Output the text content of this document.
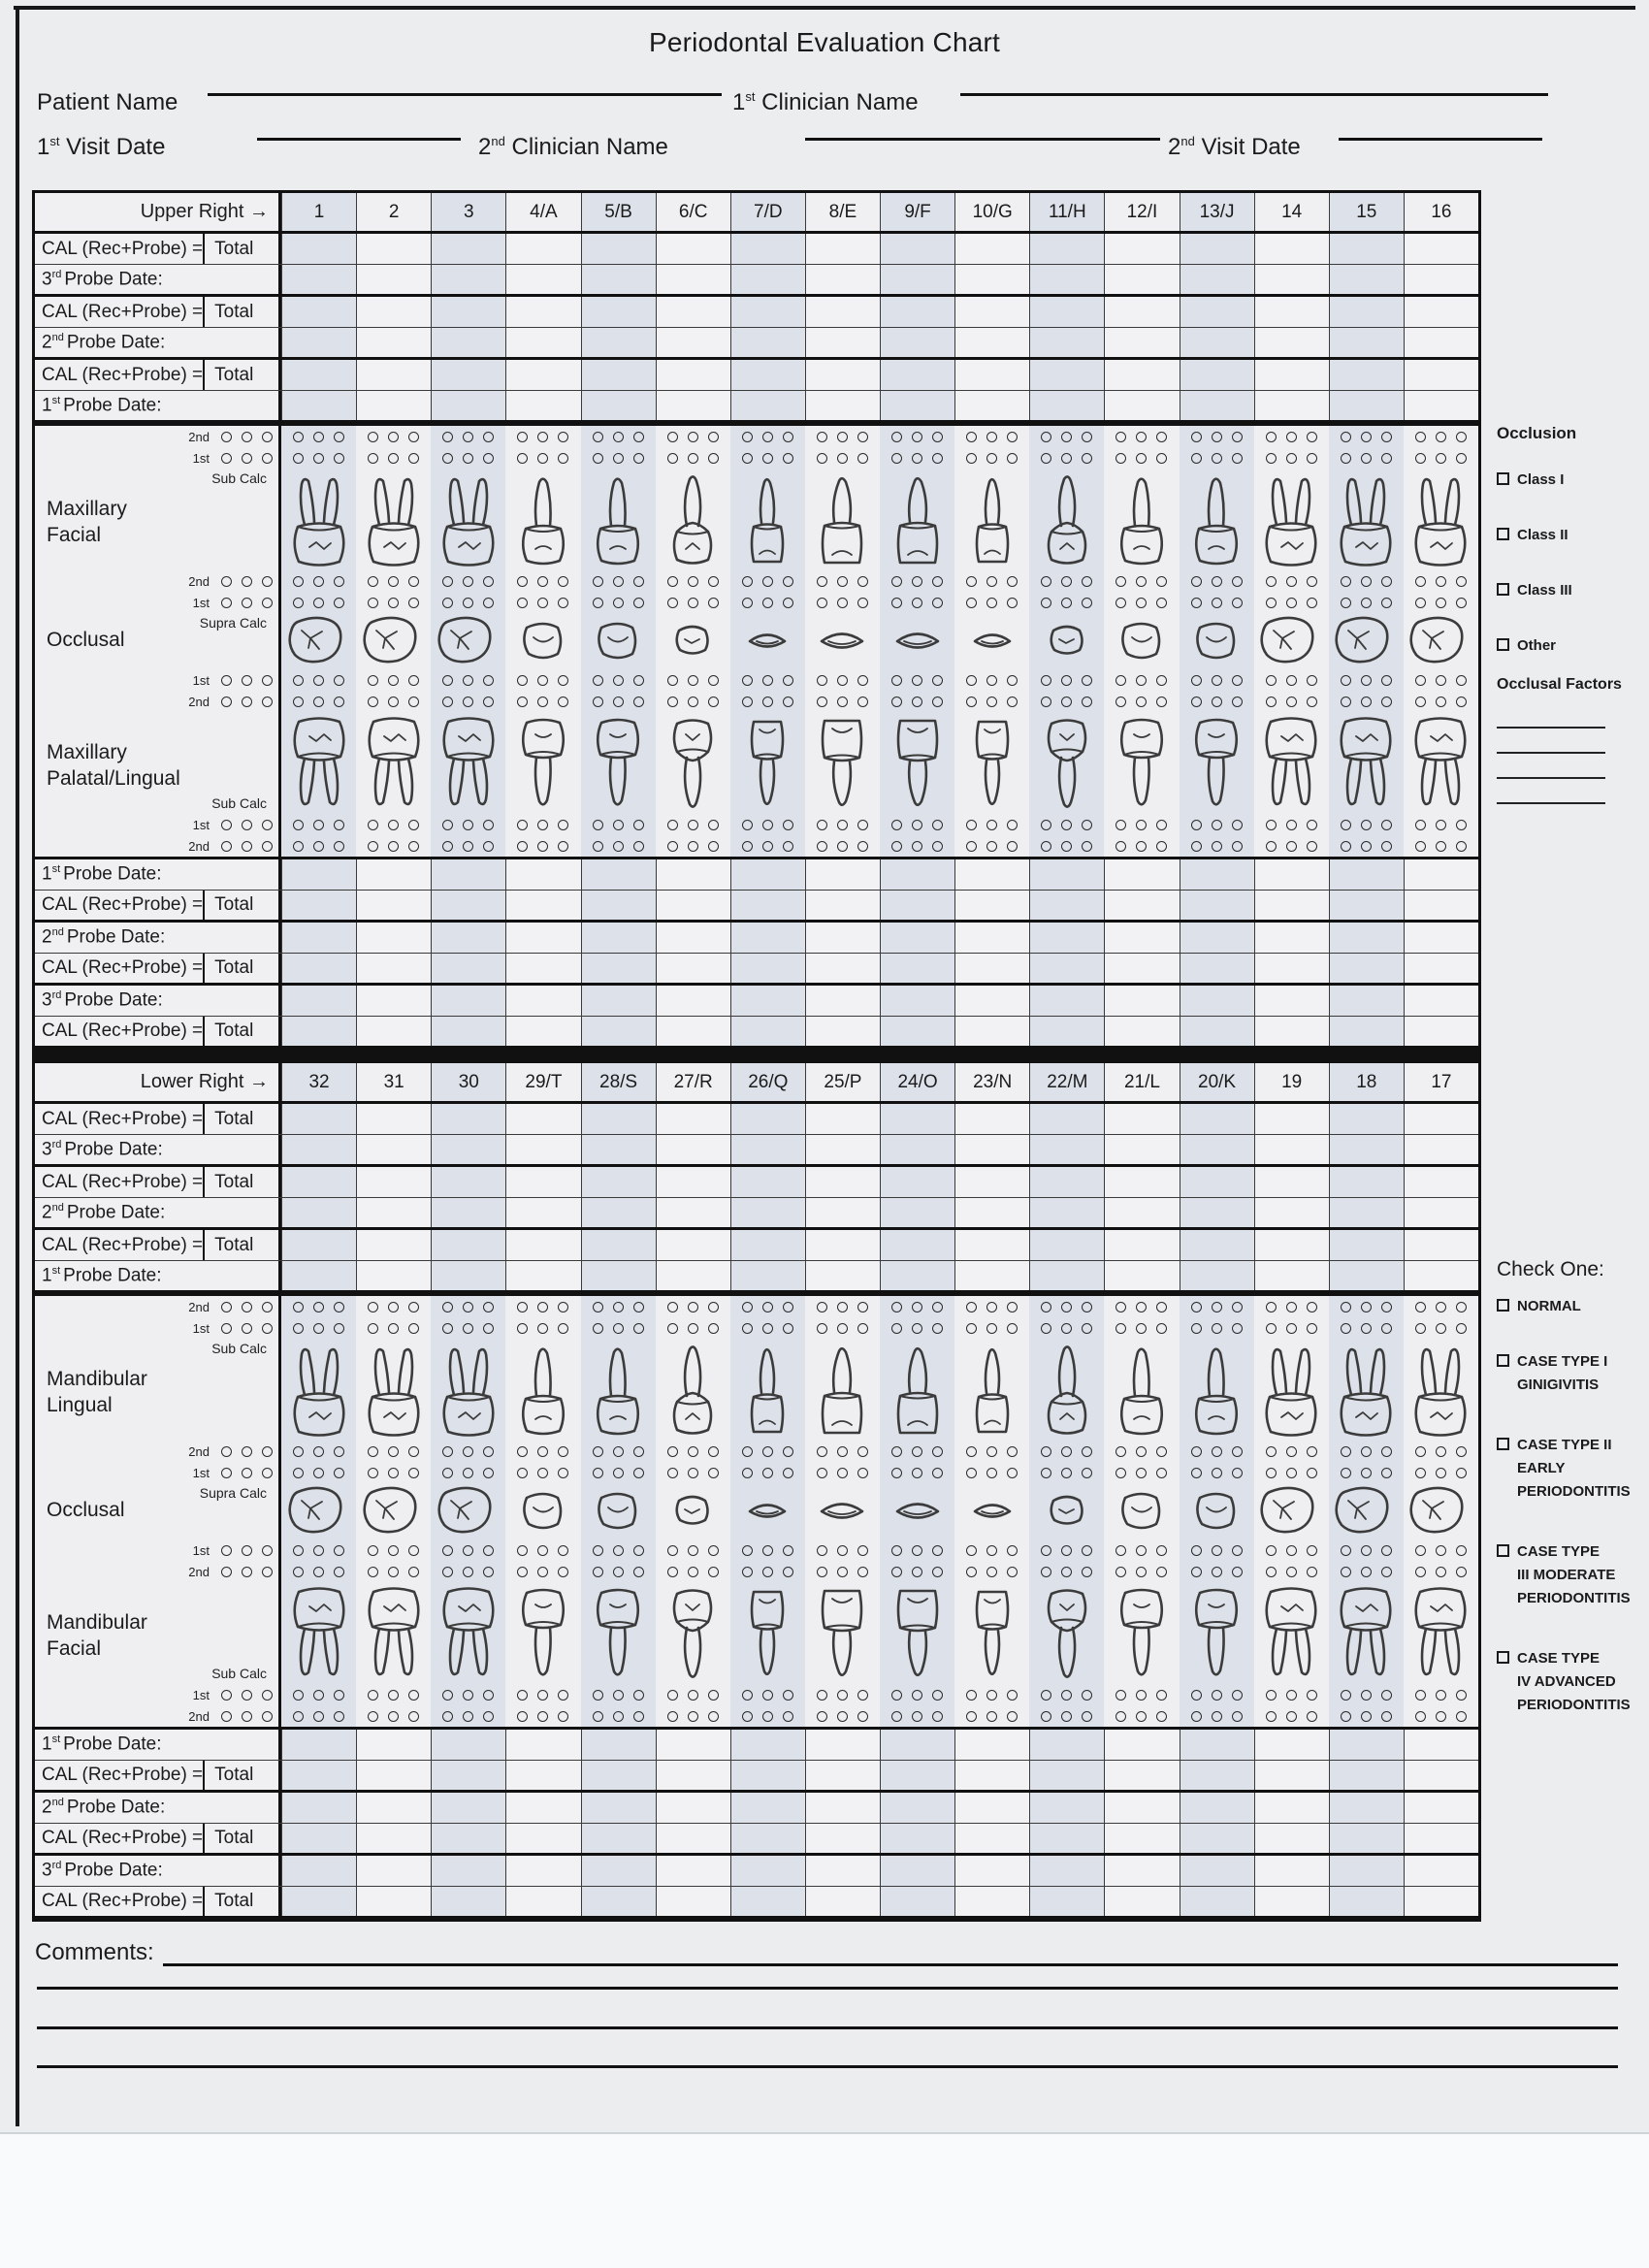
Periodontal Evaluation Chart
Patient Name	1st Clinician Name
1st Visit Date	2nd Clinician Name	2nd Visit Date
Upper Right →	1	2	3	4/A	5/B	6/C	7/D	8/E	9/F	10/G	11/H	12/I	13/J	14	15	16
CAL (Rec+Probe) = Total
3rd Probe Date:
CAL (Rec+Probe) = Total
2nd Probe Date:
CAL (Rec+Probe) = Total
1st Probe Date:
2nd
1st
Sub Calc
Maxillary
Facial
2nd
1st
Supra Calc
Occlusal
1st
2nd
Sub Calc
Maxillary
Palatal/Lingual
1st
2nd
1st Probe Date:
CAL (Rec+Probe) = Total
2nd Probe Date:
CAL (Rec+Probe) = Total
3rd Probe Date:
CAL (Rec+Probe) = Total
Lower Right →	32	31	30	29/T	28/S	27/R	26/Q	25/P	24/O	23/N	22/M	21/L	20/K	19	18	17
CAL (Rec+Probe) = Total
3rd Probe Date:
CAL (Rec+Probe) = Total
2nd Probe Date:
CAL (Rec+Probe) = Total
1st Probe Date:
2nd
1st
Sub Calc
Mandibular
Lingual
2nd
1st
Supra Calc
Occlusal
1st
2nd
Sub Calc
Mandibular
Facial
1st
2nd
1st Probe Date:
CAL (Rec+Probe) = Total
2nd Probe Date:
CAL (Rec+Probe) = Total
3rd Probe Date:
CAL (Rec+Probe) = Total
Occlusion
Class I
Class II
Class III
Other
Occlusal Factors
Check One:
NORMAL
CASE TYPE I
GINIGIVITIS
CASE TYPE II
EARLY
PERIODONTITIS
CASE TYPE
III MODERATE
PERIODONTITIS
CASE TYPE
IV ADVANCED
PERIODONTITIS
Comments:
